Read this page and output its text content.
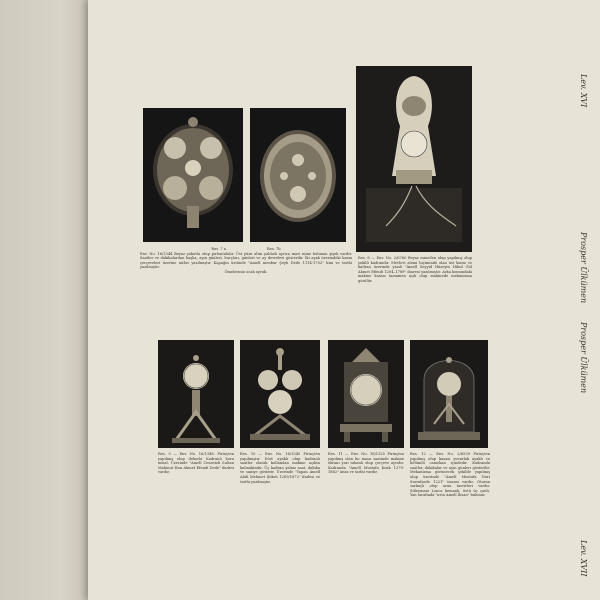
Lev. XVI
Prosper Ülkümen
Prosper Ülkümen
Lev. XVII
Res. 7 a	Res. 7b
Env. No. 16/1344 Beyaz yakutlu olup pırlantalıdır. Üst yüzü altın yaldızlı ayrıca mavi mine bulunan şişek vardır. Saatler ve dakikalardan başka, ayın günleri, burçları, günleri ve ay devreleri gösterilir. İki ayak üzerindeki kısım çerçeveleri üzerine nüfus yazılmıştır. Kapağın üstünde "Amelî menbur Şeyh Dede 1114-1702" kim ve tarihi yazılmıştır.
Ömelerinin ocak ayrıdı.
Res. 8 — Env. No. 2/6760 Beyaz mineden olup yapılmış olup şekilli kadrandır. Mevlevi alemi biçiminde olan üst kısmı ve kadran üzerinde yazılı "Amelî Seyyid Hüseyin Hilmî Gül Ahmet Efendi 1204–1789" ibaresi yazılmıştır. Arka kısmındaki makine kasası tamamen açık olup makinede mekanizma görülür.
Res. 9 — Env. No. 16/1348. Pirinçten yapılmış olup dekorlu Kadranlı boru misal. Üzerinde "Amelî Cenevizli Sultan Mahmut Han Ahmet Efendi Dede" ifadesi vardır.
Res. 10 — Env. No. 16/1345 Pirinçten yapılmıştır. Dört ayaklı olup kadranlı saatler olarak kullanılan makine açıkta kalmaktadır. Üç kadran yalnız saat, dakika ve saniye gösterir. Üzerinde "Yapan Amelî Abdi Mehmet Şükrü 1289/1872" ifadesi ve tarihi yazılmıştır.
Res. 11 — Env. No. 16/1325 Pirinçten yapılmış olan bu masa saatinde makine ekranı yarı tabanlı olup çerçeve ayrıdır. Kadranda "Amelî Mustafa Kırık 1279-1862" imza ve tarihi vardır.
Res. 12 — Env. No. 2/6539 Pirinçten yapılmış olup kasası yuvarlak ayaklı ve bölümlü camekan içindedir. Kadranda saatler, dakikalar ve ayın günleri gösterilir. Mekanizma görünecek şekilde yapılmış olup üzerinde "Amelî Mustafa Nuri Sarrafzade 1221" imzası vardır. Oturan sarkaçlı olup uzun tasvirleri vardır. Süleymani Lonca kemanlı, üstü üç çanlı. Yan tarafında "usta Amelî İhsan" bulunur.
